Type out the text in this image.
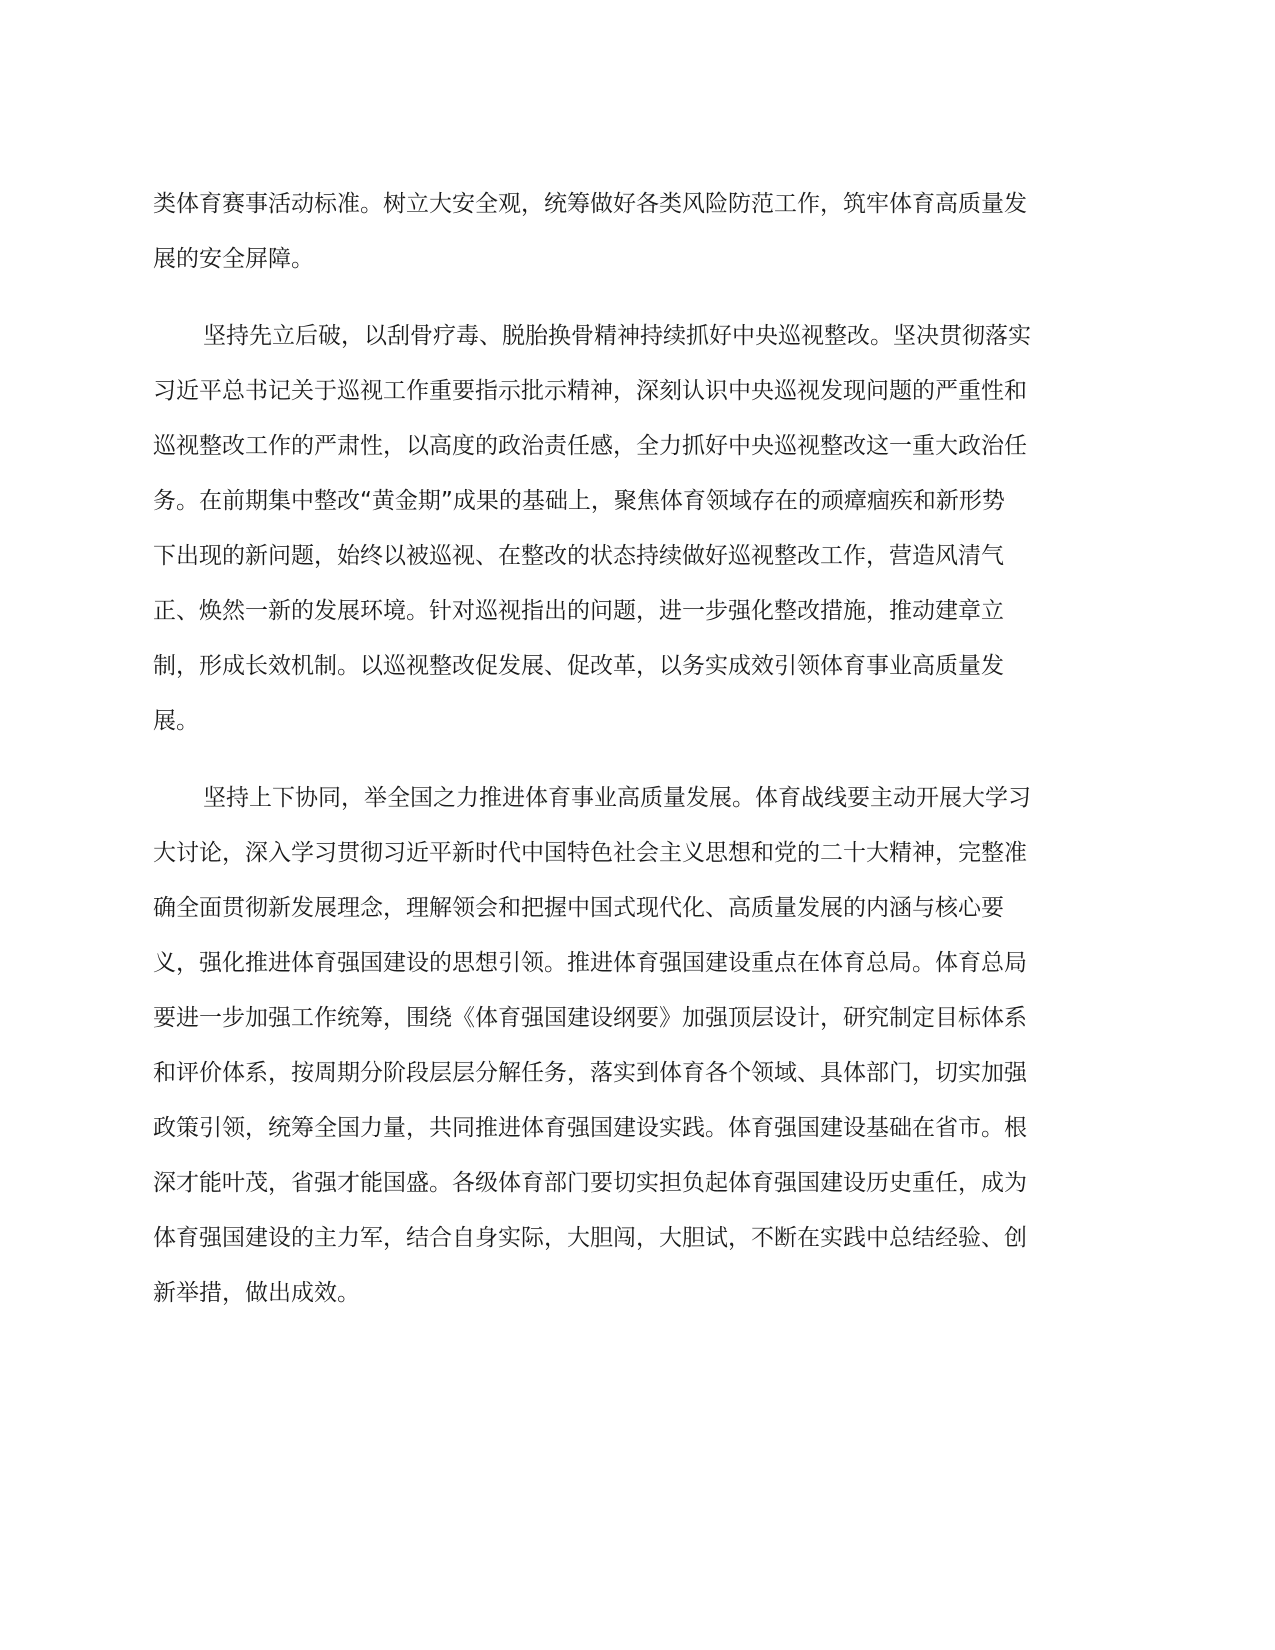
类体育赛事活动标准。树立大安全观，统筹做好各类风险防范工作，筑牢体育高质量发

展的安全屏障。

坚持先立后破，以刮骨疗毒、脱胎换骨精神持续抓好中央巡视整改。坚决贯彻落实

习近平总书记关于巡视工作重要指示批示精神，深刻认识中央巡视发现问题的严重性和

巡视整改工作的严肃性，以高度的政治责任感，全力抓好中央巡视整改这一重大政治任

务。在前期集中整改“黄金期”成果的基础上，聚焦体育领域存在的顽瘴痼疾和新形势

下出现的新问题，始终以被巡视、在整改的状态持续做好巡视整改工作，营造风清气

正、焕然一新的发展环境。针对巡视指出的问题，进一步强化整改措施，推动建章立

制，形成长效机制。以巡视整改促发展、促改革，以务实成效引领体育事业高质量发

展。

坚持上下协同，举全国之力推进体育事业高质量发展。体育战线要主动开展大学习

大讨论，深入学习贯彻习近平新时代中国特色社会主义思想和党的二十大精神，完整准

确全面贯彻新发展理念，理解领会和把握中国式现代化、高质量发展的内涵与核心要

义，强化推进体育强国建设的思想引领。推进体育强国建设重点在体育总局。体育总局

要进一步加强工作统筹，围绕《体育强国建设纲要》加强顶层设计，研究制定目标体系

和评价体系，按周期分阶段层层分解任务，落实到体育各个领域、具体部门，切实加强

政策引领，统筹全国力量，共同推进体育强国建设实践。体育强国建设基础在省市。根

深才能叶茂，省强才能国盛。各级体育部门要切实担负起体育强国建设历史重任，成为

体育强国建设的主力军，结合自身实际，大胆闯，大胆试，不断在实践中总结经验、创

新举措，做出成效。
